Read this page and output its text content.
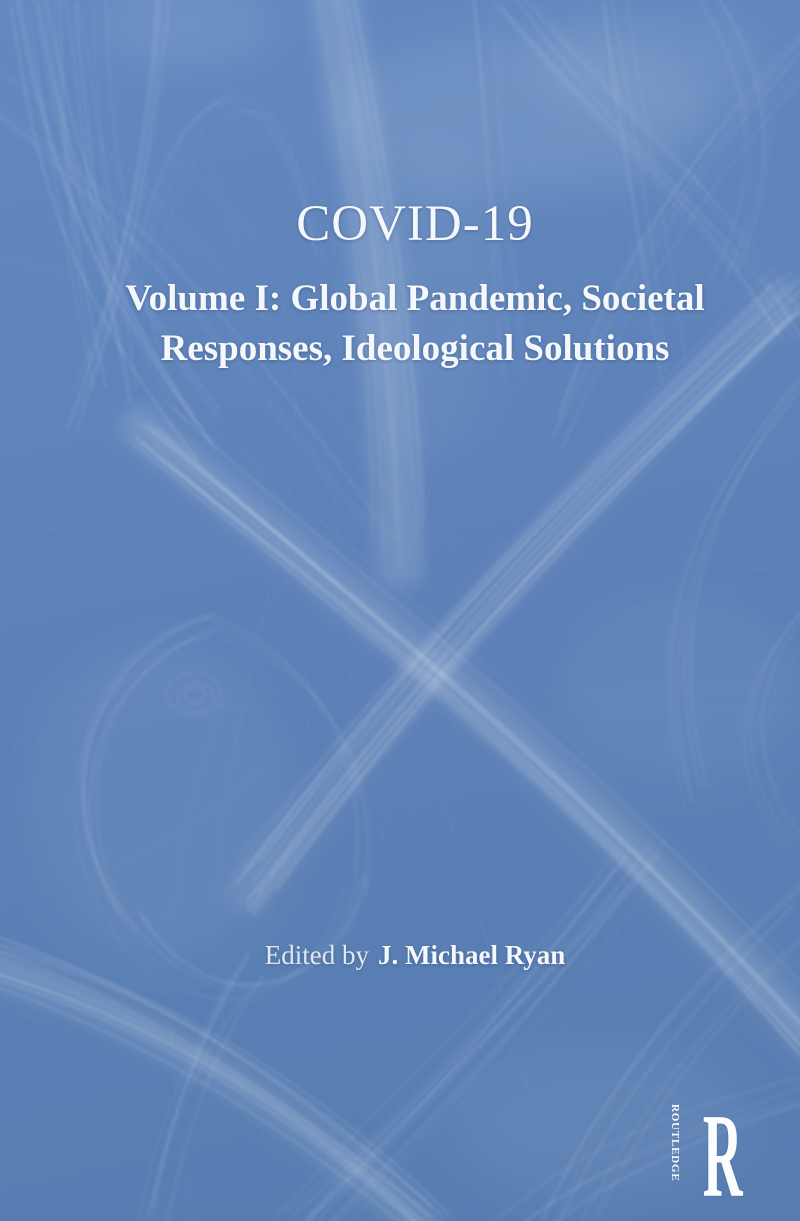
COVID-19
Volume I: Global Pandemic, Societal
Responses, Ideological Solutions
Edited by J. Michael Ryan
ROUTLEDGE R
